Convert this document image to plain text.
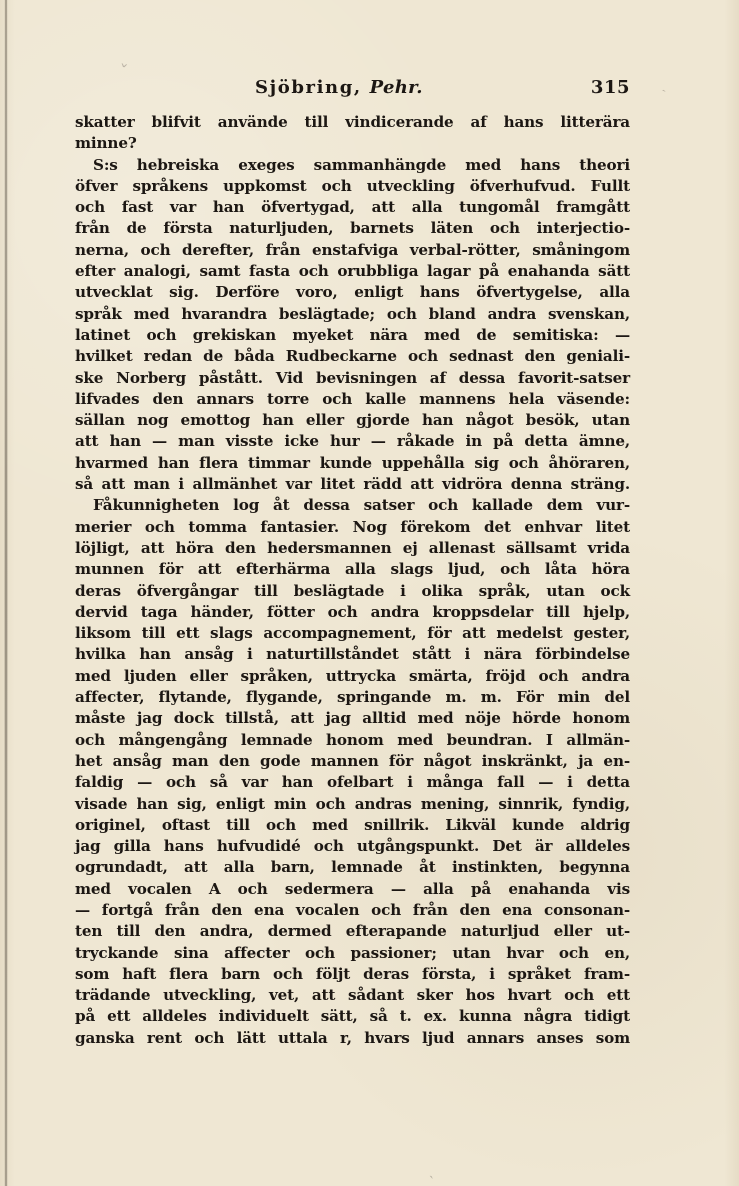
Sjöbring, Pehr.	315
skatter blifvit använde till vindicerande af hans litterära
minne?
S:s hebreiska exeges sammanhängde med hans theori
öfver språkens uppkomst och utveckling öfverhufvud. Fullt
och fast var han öfvertygad, att alla tungomål framgått
från de första naturljuden, barnets läten och interjectio-
nerna, och derefter, från enstafviga verbal-rötter, småningom
efter analogi, samt fasta och orubbliga lagar på enahanda sätt
utvecklat sig. Derföre voro, enligt hans öfvertygelse, alla
språk med hvarandra beslägtade; och bland andra svenskan,
latinet och grekiskan myeket nära med de semitiska: —
hvilket redan de båda Rudbeckarne och sednast den geniali-
ske Norberg påstått. Vid bevisningen af dessa favorit-satser
lifvades den annars torre och kalle mannens hela väsende:
sällan nog emottog han eller gjorde han något besök, utan
att han — man visste icke hur — råkade in på detta ämne,
hvarmed han flera timmar kunde uppehålla sig och åhöraren,
så att man i allmänhet var litet rädd att vidröra denna sträng.
Fåkunnigheten log åt dessa satser och kallade dem vur-
merier och tomma fantasier. Nog förekom det enhvar litet
löjligt, att höra den hedersmannen ej allenast sällsamt vrida
munnen för att efterhärma alla slags ljud, och låta höra
deras öfvergångar till beslägtade i olika språk, utan ock
dervid taga händer, fötter och andra kroppsdelar till hjelp,
liksom till ett slags accompagnement, för att medelst gester,
hvilka han ansåg i naturtillståndet stått i nära förbindelse
med ljuden eller språken, uttrycka smärta, fröjd och andra
affecter, flytande, flygande, springande m. m. För min del
måste jag dock tillstå, att jag alltid med nöje hörde honom
och mångengång lemnade honom med beundran. I allmän-
het ansåg man den gode mannen för något inskränkt, ja en-
faldig — och så var han ofelbart i många fall — i detta
visade han sig, enligt min och andras mening, sinnrik, fyndig,
originel, oftast till och med snillrik. Likväl kunde aldrig
jag gilla hans hufvudidé och utgångspunkt. Det är alldeles
ogrundadt, att alla barn, lemnade åt instinkten, begynna
med vocalen A och sedermera — alla på enahanda vis
— fortgå från den ena vocalen och från den ena consonan-
ten till den andra, dermed efterapande naturljud eller ut-
tryckande sina affecter och passioner; utan hvar och en,
som haft flera barn och följt deras första, i språket fram-
trädande utveckling, vet, att sådant sker hos hvart och ett
på ett alldeles individuelt sätt, så t. ex. kunna några tidigt
ganska rent och lätt uttala r, hvars ljud annars anses som
ˇ
ˎ
ˏ
